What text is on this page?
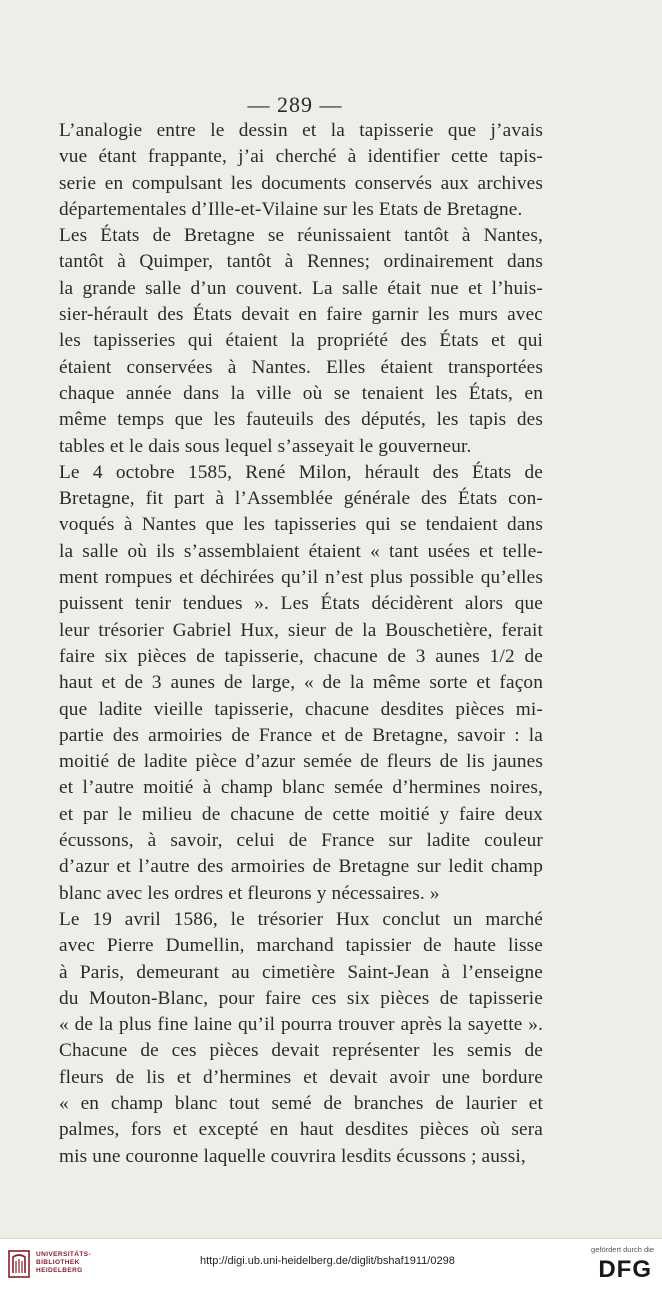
— 289 —
L’analogie entre le dessin et la tapisserie que j’avais
vue étant frappante, j’ai cherché à identifier cette tapis-
serie en compulsant les documents conservés aux archives
départementales d’Ille-et-Vilaine sur les Etats de Bretagne.
Les États de Bretagne se réunissaient tantôt à Nantes,
tantôt à Quimper, tantôt à Rennes; ordinairement dans
la grande salle d’un couvent. La salle était nue et l’huis-
sier-hérault des États devait en faire garnir les murs avec
les tapisseries qui étaient la propriété des États et qui
étaient conservées à Nantes. Elles étaient transportées
chaque année dans la ville où se tenaient les États, en
même temps que les fauteuils des députés, les tapis des
tables et le dais sous lequel s’asseyait le gouverneur.
Le 4 octobre 1585, René Milon, hérault des États de
Bretagne, fit part à l’Assemblée générale des États con-
voqués à Nantes que les tapisseries qui se tendaient dans
la salle où ils s’assemblaient étaient « tant usées et telle-
ment rompues et déchirées qu’il n’est plus possible qu’elles
puissent tenir tendues ». Les États décidèrent alors que
leur trésorier Gabriel Hux, sieur de la Bouschetière, ferait
faire six pièces de tapisserie, chacune de 3 aunes 1/2 de
haut et de 3 aunes de large, « de la même sorte et façon
que ladite vieille tapisserie, chacune desdites pièces mi-
partie des armoiries de France et de Bretagne, savoir : la
moitié de ladite pièce d’azur semée de fleurs de lis jaunes
et l’autre moitié à champ blanc semée d’hermines noires,
et par le milieu de chacune de cette moitié y faire deux
écussons, à savoir, celui de France sur ladite couleur
d’azur et l’autre des armoiries de Bretagne sur ledit champ
blanc avec les ordres et fleurons y nécessaires. »
Le 19 avril 1586, le trésorier Hux conclut un marché
avec Pierre Dumellin, marchand tapissier de haute lisse
à Paris, demeurant au cimetière Saint-Jean à l’enseigne
du Mouton-Blanc, pour faire ces six pièces de tapisserie
« de la plus fine laine qu’il pourra trouver après la sayette ».
Chacune de ces pièces devait représenter les semis de
fleurs de lis et d’hermines et devait avoir une bordure
« en champ blanc tout semé de branches de laurier et
palmes, fors et excepté en haut desdites pièces où sera
mis une couronne laquelle couvrira lesdits écussons ; aussi,
UNIVERSITÄTS-
BIBLIOTHEK
HEIDELBERG
http://digi.ub.uni-heidelberg.de/diglit/bshaf1911/0298
gefördert durch die
DFG
